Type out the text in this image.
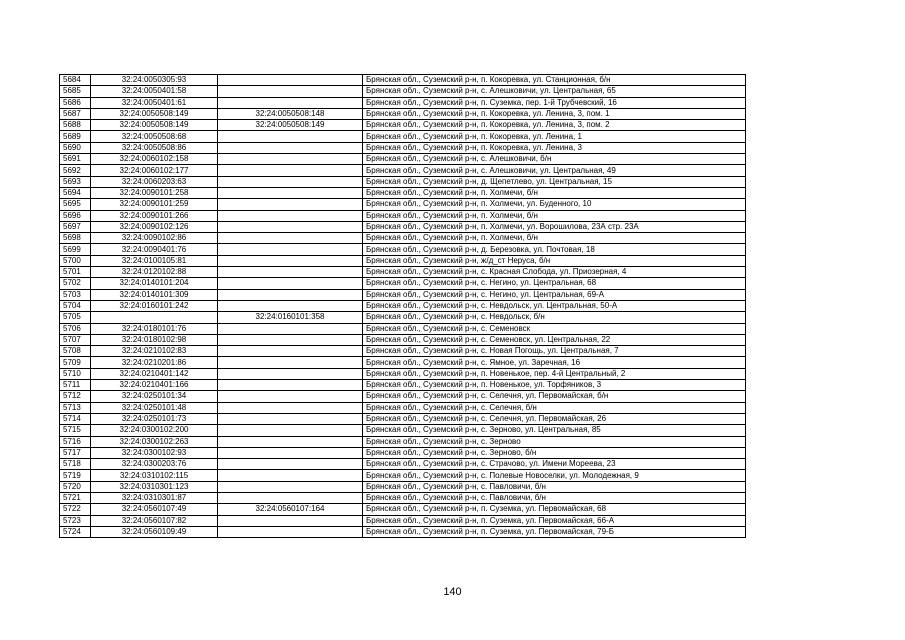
5684	32:24:0050305:93		Брянская обл., Суземский р-н, п. Кокоревка, ул. Станционная, б/н
5685	32:24:0050401:58		Брянская обл., Суземский р-н, с. Алешковичи, ул. Центральная, 65
5686	32:24:0050401:61		Брянская обл., Суземский р-н, п. Суземка, пер. 1-й Трубчевский, 16
5687	32:24:0050508:149	32:24:0050508:148	Брянская обл., Суземский р-н, п. Кокоревка, ул. Ленина, 3, пом. 1
5688	32:24:0050508:149	32:24:0050508:149	Брянская обл., Суземский р-н, п. Кокоревка, ул. Ленина, 3, пом. 2
5689	32:24:0050508:68		Брянская обл., Суземский р-н, п. Кокоревка, ул. Ленина, 1
5690	32:24:0050508:86		Брянская обл., Суземский р-н, п. Кокоревка, ул. Ленина, 3
5691	32:24:0060102:158		Брянская обл., Суземский р-н, с. Алешковичи, б/н
5692	32:24:0060102:177		Брянская обл., Суземский р-н, с. Алешковичи, ул. Центральная, 49
5693	32:24:0060203:63		Брянская обл., Суземский р-н, д. Щепетлево, ул. Центральная, 15
5694	32:24:0090101:258		Брянская обл., Суземский р-н, п. Холмечи, б/н
5695	32:24:0090101:259		Брянская обл., Суземский р-н, п. Холмечи, ул. Буденного, 10
5696	32:24:0090101:266		Брянская обл., Суземский р-н, п. Холмечи, б/н
5697	32:24:0090102:126		Брянская обл., Суземский р-н, п. Холмечи, ул. Ворошилова, 23А стр. 23А
5698	32:24:0090102:86		Брянская обл., Суземский р-н, п. Холмечи, б/н
5699	32:24:0090401:76		Брянская обл., Суземский р-н, д. Березовка, ул. Почтовая, 18
5700	32:24:0100105:81		Брянская обл., Суземский р-н, ж/д_ст Неруса, б/н
5701	32:24:0120102:88		Брянская обл., Суземский р-н, с. Красная Слобода, ул. Приозерная, 4
5702	32:24:0140101:204		Брянская обл., Суземский р-н, с. Негино, ул. Центральная, 68
5703	32:24:0140101:309		Брянская обл., Суземский р-н, с. Негино, ул. Центральная, 69-А
5704	32:24:0160101:242		Брянская обл., Суземский р-н, с. Невдольск, ул. Центральная, 50-А
5705		32:24:0160101:358	Брянская обл., Суземский р-н, с. Невдольск, б/н
5706	32:24:0180101:76		Брянская обл., Суземский р-н, с. Семеновск
5707	32:24:0180102:98		Брянская обл., Суземский р-н, с. Семеновск, ул. Центральная, 22
5708	32:24:0210102:83		Брянская обл., Суземский р-н, с. Новая Погощь, ул. Центральная, 7
5709	32:24:0210201:86		Брянская обл., Суземский р-н, с. Ямное, ул. Заречная, 16
5710	32:24:0210401:142		Брянская обл., Суземский р-н, п. Новенькое, пер. 4-й Центральный, 2
5711	32:24:0210401:166		Брянская обл., Суземский р-н, п. Новенькое, ул. Торфяников, 3
5712	32:24:0250101:34		Брянская обл., Суземский р-н, с. Селечня, ул. Первомайская, б/н
5713	32:24:0250101:48		Брянская обл., Суземский р-н, с. Селечня, б/н
5714	32:24:0250101:73		Брянская обл., Суземский р-н, с. Селечня, ул. Первомайская, 26
5715	32:24:0300102:200		Брянская обл., Суземский р-н, с. Зерново, ул. Центральная, 85
5716	32:24:0300102:263		Брянская обл., Суземский р-н, с. Зерново
5717	32:24:0300102:93		Брянская обл., Суземский р-н, с. Зерново, б/н
5718	32:24:0300203:76		Брянская обл., Суземский р-н, с. Страчово, ул. Имени Мореева, 23
5719	32:24:0310102:115		Брянская обл., Суземский р-н, с. Полевые Новоселки, ул. Молодежная, 9
5720	32:24:0310301:123		Брянская обл., Суземский р-н, с. Павловичи, б/н
5721	32:24:0310301:87		Брянская обл., Суземский р-н, с. Павловичи, б/н
5722	32:24:0560107:49	32:24:0560107:164	Брянская обл., Суземский р-н, п. Суземка, ул. Первомайская, 68
5723	32:24:0560107:82		Брянская обл., Суземский р-н, п. Суземка, ул. Первомайская, 66-А
5724	32:24:0560109:49		Брянская обл., Суземский р-н, п. Суземка, ул. Первомайская, 79-Б
140
